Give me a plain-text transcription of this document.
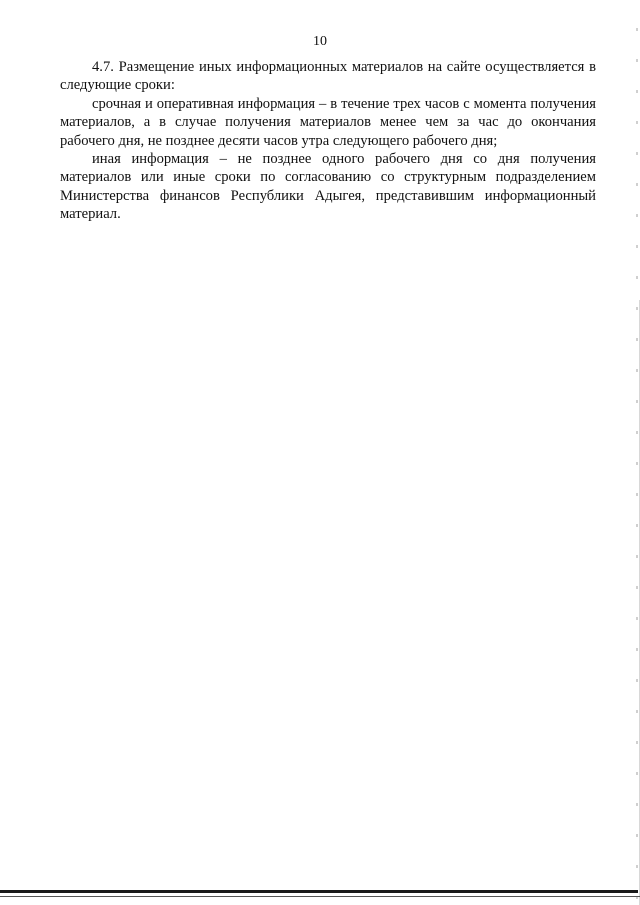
10

4.7. Размещение иных информационных материалов на сайте осуществляется в следующие сроки:

срочная и оперативная информация – в течение трех часов с момента получения материалов, а в случае получения материалов менее чем за час до окончания рабочего дня, не позднее десяти часов утра следующего рабочего дня;

иная информация – не позднее одного рабочего дня со дня получения материалов или иные сроки по согласованию со структурным подразделением Министерства финансов Республики Адыгея, представившим информационный материал.
